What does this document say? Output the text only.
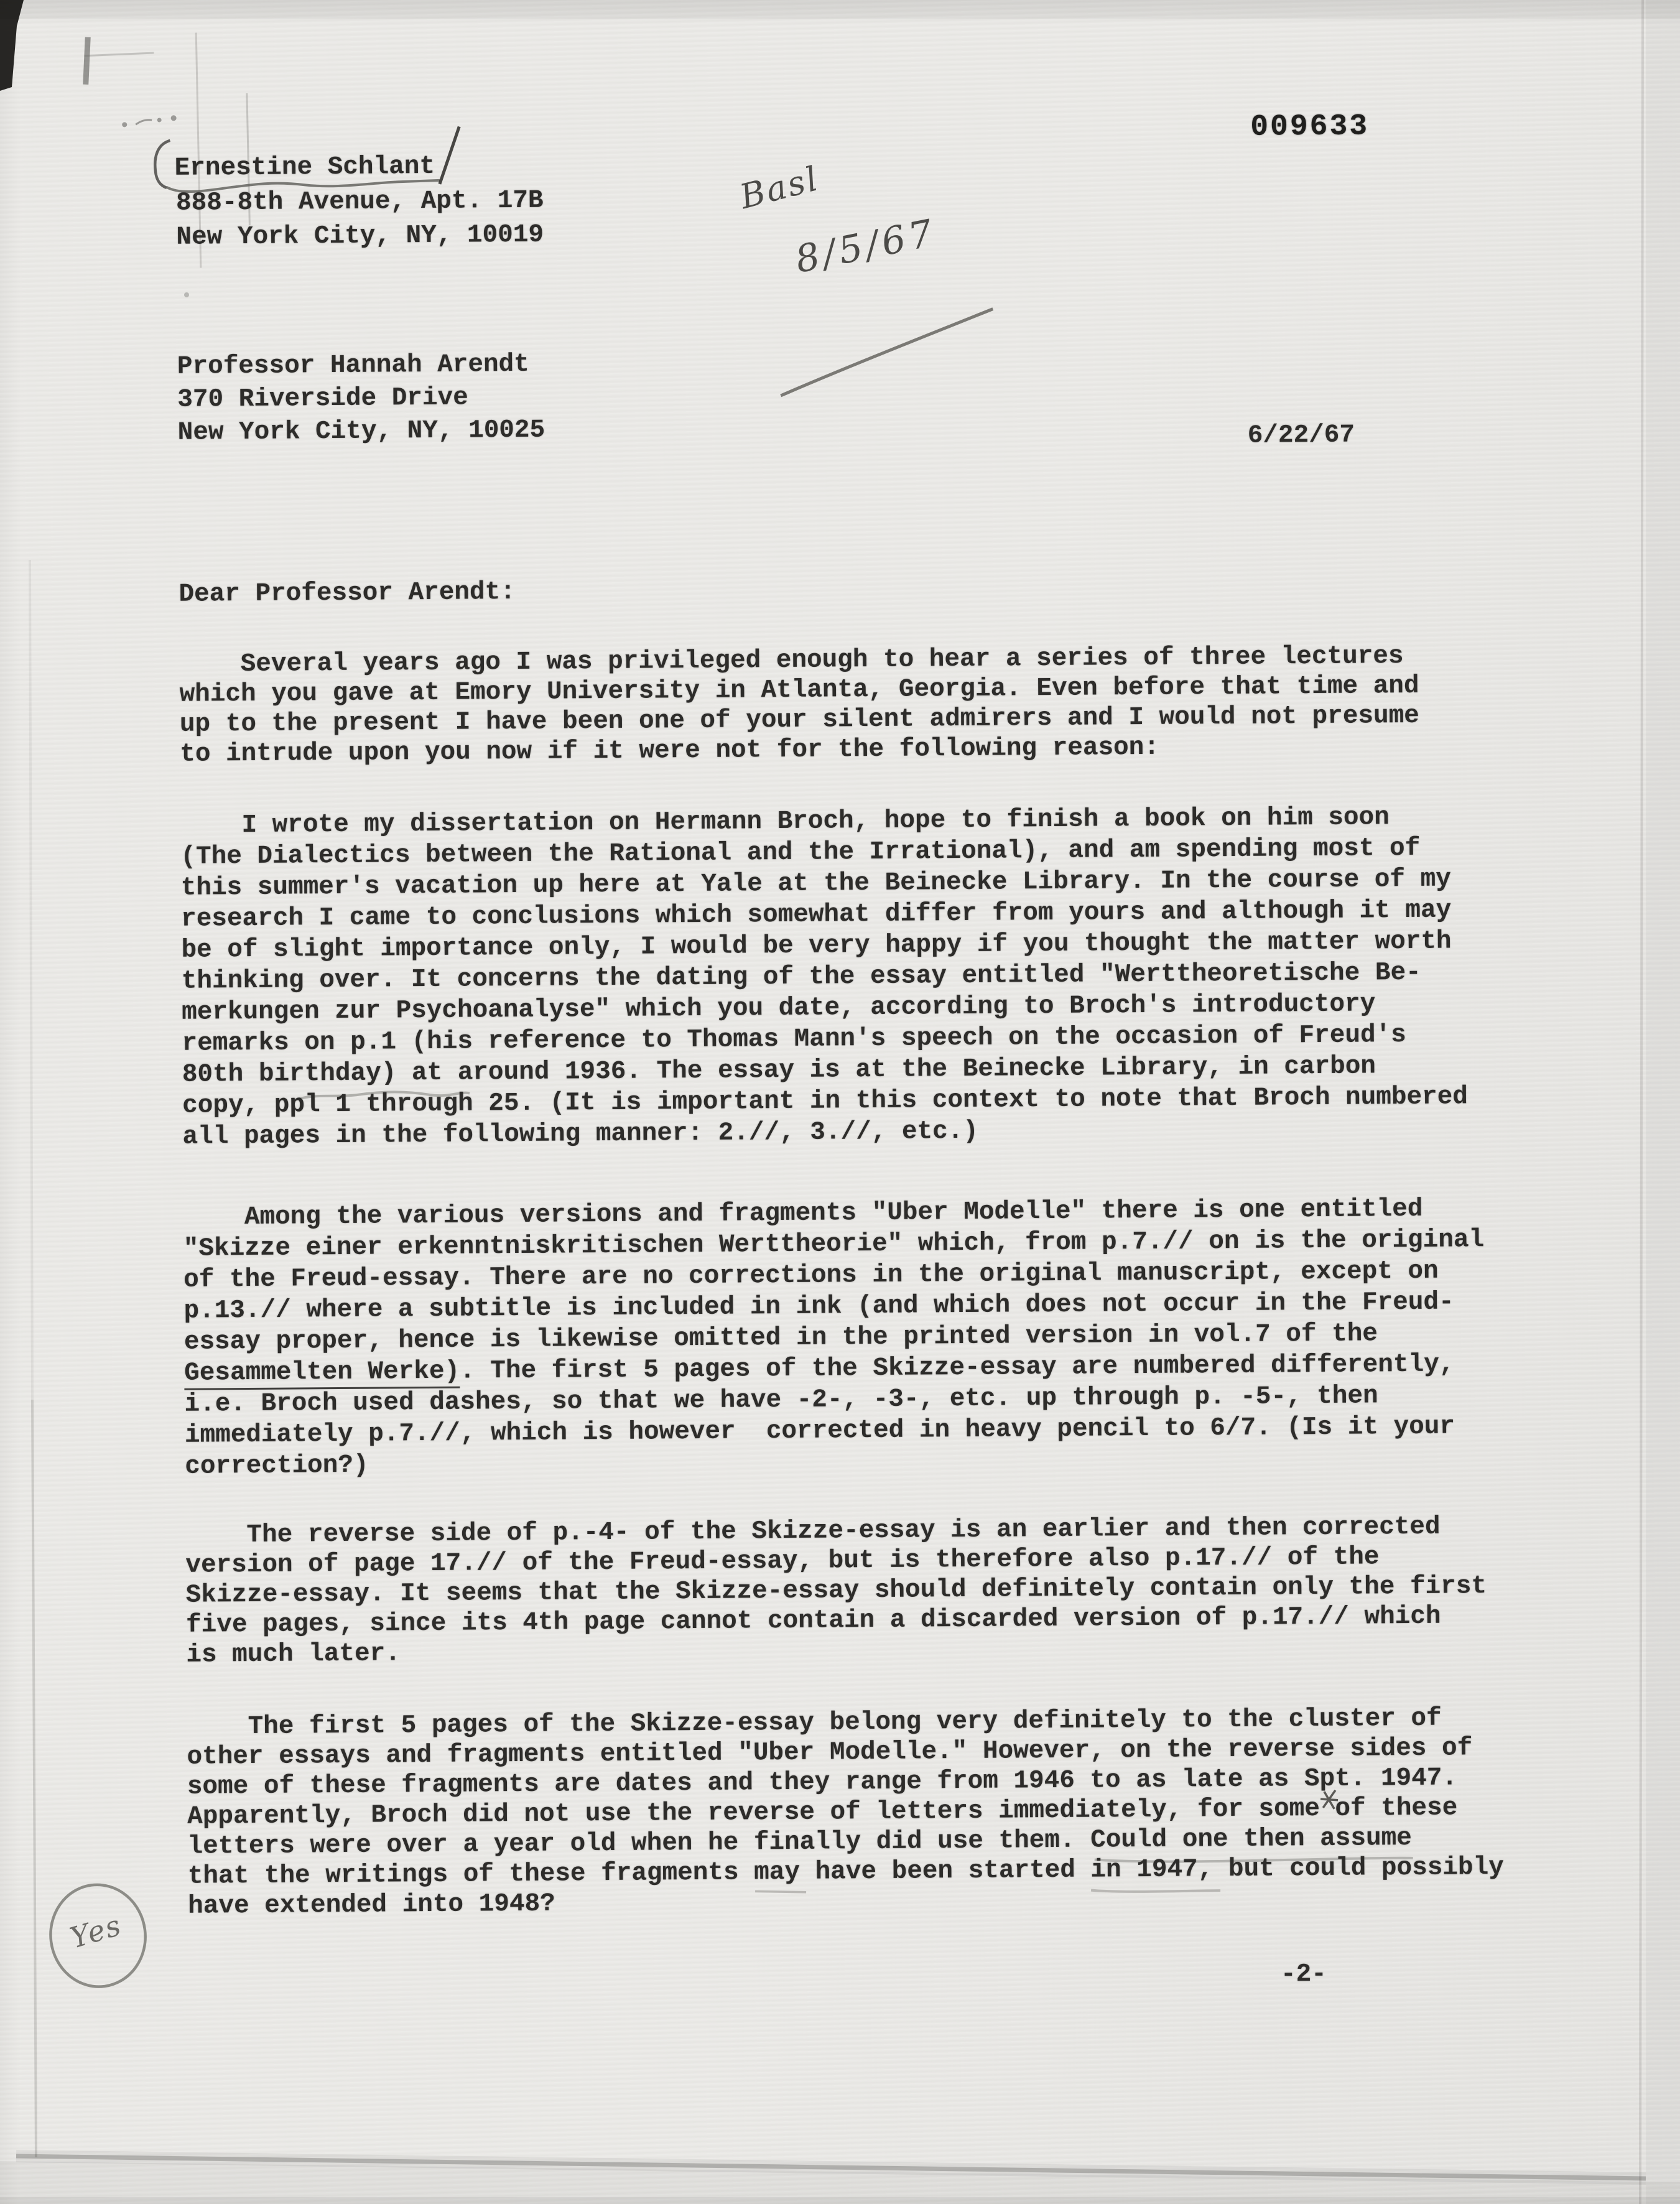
009633
Basl
8/5/67
Ernestine Schlant
888-8th Avenue, Apt. 17B
New York City, NY, 10019
Professor Hannah Arendt
370 Riverside Drive
New York City, NY, 10025	6/22/67
Dear Professor Arendt:
Several years ago I was privileged enough to hear a series of three lectures
which you gave at Emory University in Atlanta, Georgia. Even before that time and
up to the present I have been one of your silent admirers and I would not presume
to intrude upon you now if it were not for the following reason:
I wrote my dissertation on Hermann Broch, hope to finish a book on him soon
(The Dialectics between the Rational and the Irrational), and am spending most of
this summer's vacation up here at Yale at the Beinecke Library. In the course of my
research I came to conclusions which somewhat differ from yours and although it may
be of slight importance only, I would be very happy if you thought the matter worth
thinking over. It concerns the dating of the essay entitled "Werttheoretische Be-
merkungen zur Psychoanalyse" which you date, according to Broch's introductory
remarks on p.1 (his reference to Thomas Mann's speech on the occasion of Freud's
80th birthday) at around 1936. The essay is at the Beinecke Library, in carbon
copy, ppl 1 through 25. (It is important in this context to note that Broch numbered
all pages in the following manner: 2.//, 3.//, etc.)
Among the various versions and fragments "Uber Modelle" there is one entitled
"Skizze einer erkenntniskritischen Werttheorie" which, from p.7.// on is the original
of the Freud-essay. There are no corrections in the original manuscript, except on
p.13.// where a subtitle is included in ink (and which does not occur in the Freud-
essay proper, hence is likewise omitted in the printed version in vol.7 of the
Gesammelten Werke). The first 5 pages of the Skizze-essay are numbered differently,
i.e. Broch used dashes, so that we have -2-, -3-, etc. up through p. -5-, then
immediately p.7.//, which is however  corrected in heavy pencil to 6/7. (Is it your
correction?)
The reverse side of p.-4- of the Skizze-essay is an earlier and then corrected
version of page 17.// of the Freud-essay, but is therefore also p.17.// of the
Skizze-essay. It seems that the Skizze-essay should definitely contain only the first
five pages, since its 4th page cannot contain a discarded version of p.17.// which
is much later.
The first 5 pages of the Skizze-essay belong very definitely to the cluster of
other essays and fragments entitled "Uber Modelle." However, on the reverse sides of
some of these fragments are dates and they range from 1946 to as late as Spt. 1947.
Apparently, Broch did not use the reverse of letters immediately, for some of these
letters were over a year old when he finally did use them. Could one then assume
that the writings of these fragments may have been started in 1947, but could possibly
have extended into 1948?
Yes
-2-
